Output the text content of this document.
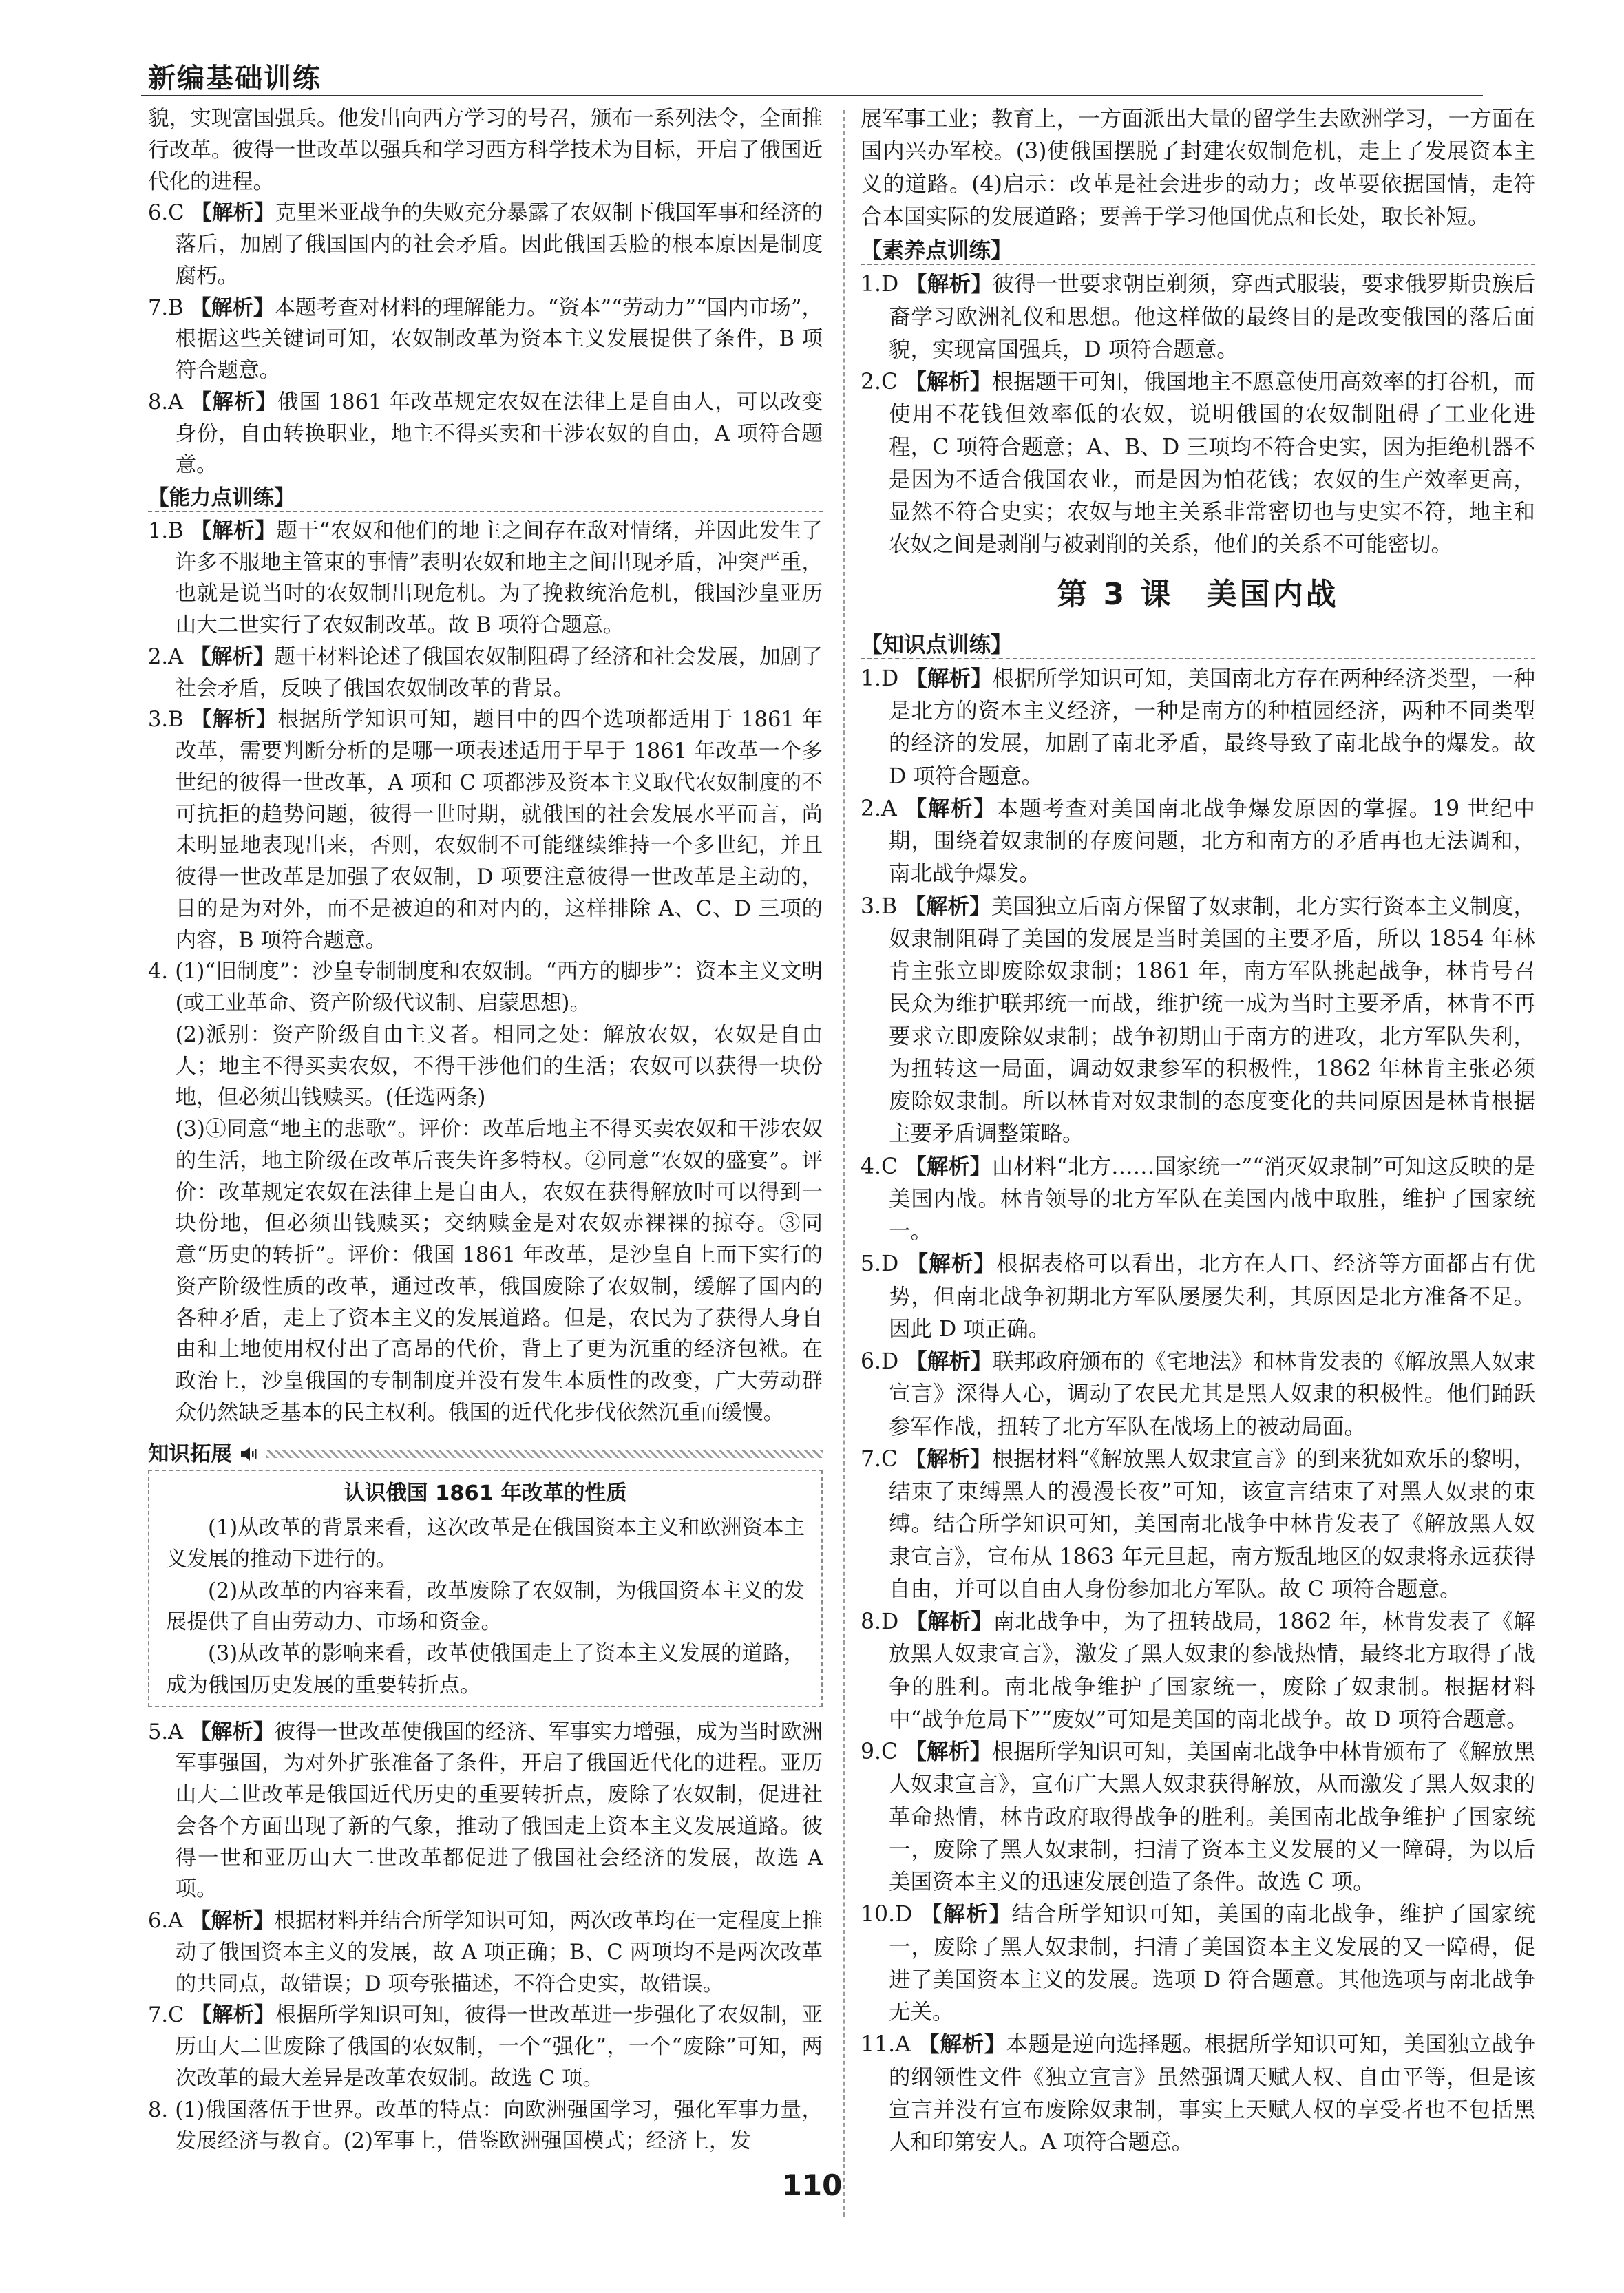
新编基础训练

貌，实现富国强兵。他发出向西方学习的号召，颁布一系列法令，全面推行改革。彼得一世改革以强兵和学习西方科学技术为目标，开启了俄国近代化的进程。

6.C 【解析】克里米亚战争的失败充分暴露了农奴制下俄国军事和经济的落后，加剧了俄国国内的社会矛盾。因此俄国丢脸的根本原因是制度腐朽。

7.B 【解析】本题考查对材料的理解能力。“资本”“劳动力”“国内市场”，根据这些关键词可知，农奴制改革为资本主义发展提供了条件，B 项符合题意。

8.A 【解析】俄国 1861 年改革规定农奴在法律上是自由人，可以改变身份，自由转换职业，地主不得买卖和干涉农奴的自由，A 项符合题意。

【能力点训练】

1.B 【解析】题干“农奴和他们的地主之间存在敌对情绪，并因此发生了许多不服地主管束的事情”表明农奴和地主之间出现矛盾，冲突严重，也就是说当时的农奴制出现危机。为了挽救统治危机，俄国沙皇亚历山大二世实行了农奴制改革。故 B 项符合题意。

2.A 【解析】题干材料论述了俄国农奴制阻碍了经济和社会发展，加剧了社会矛盾，反映了俄国农奴制改革的背景。

3.B 【解析】根据所学知识可知，题目中的四个选项都适用于 1861 年改革，需要判断分析的是哪一项表述适用于早于 1861 年改革一个多世纪的彼得一世改革，A 项和 C 项都涉及资本主义取代农奴制度的不可抗拒的趋势问题，彼得一世时期，就俄国的社会发展水平而言，尚未明显地表现出来，否则，农奴制不可能继续维持一个多世纪，并且彼得一世改革是加强了农奴制，D 项要注意彼得一世改革是主动的，目的是为对外，而不是被迫的和对内的，这样排除 A、C、D 三项的内容，B 项符合题意。

4. (1)“旧制度”：沙皇专制制度和农奴制。“西方的脚步”：资本主义文明(或工业革命、资产阶级代议制、启蒙思想)。

(2)派别：资产阶级自由主义者。相同之处：解放农奴，农奴是自由人；地主不得买卖农奴，不得干涉他们的生活；农奴可以获得一块份地，但必须出钱赎买。(任选两条)

(3)①同意“地主的悲歌”。评价：改革后地主不得买卖农奴和干涉农奴的生活，地主阶级在改革后丧失许多特权。②同意“农奴的盛宴”。评价：改革规定农奴在法律上是自由人，农奴在获得解放时可以得到一块份地，但必须出钱赎买；交纳赎金是对农奴赤裸裸的掠夺。③同意“历史的转折”。评价：俄国 1861 年改革，是沙皇自上而下实行的资产阶级性质的改革，通过改革，俄国废除了农奴制，缓解了国内的各种矛盾，走上了资本主义的发展道路。但是，农民为了获得人身自由和土地使用权付出了高昂的代价，背上了更为沉重的经济包袱。在政治上，沙皇俄国的专制制度并没有发生本质性的改变，广大劳动群众仍然缺乏基本的民主权利。俄国的近代化步伐依然沉重而缓慢。

知识拓展
认识俄国 1861 年改革的性质

(1)从改革的背景来看，这次改革是在俄国资本主义和欧洲资本主义发展的推动下进行的。

(2)从改革的内容来看，改革废除了农奴制，为俄国资本主义的发展提供了自由劳动力、市场和资金。

(3)从改革的影响来看，改革使俄国走上了资本主义发展的道路，成为俄国历史发展的重要转折点。

5.A 【解析】彼得一世改革使俄国的经济、军事实力增强，成为当时欧洲军事强国，为对外扩张准备了条件，开启了俄国近代化的进程。亚历山大二世改革是俄国近代历史的重要转折点，废除了农奴制，促进社会各个方面出现了新的气象，推动了俄国走上资本主义发展道路。彼得一世和亚历山大二世改革都促进了俄国社会经济的发展，故选 A 项。

6.A 【解析】根据材料并结合所学知识可知，两次改革均在一定程度上推动了俄国资本主义的发展，故 A 项正确；B、C 两项均不是两次改革的共同点，故错误；D 项夸张描述，不符合史实，故错误。

7.C 【解析】根据所学知识可知，彼得一世改革进一步强化了农奴制，亚历山大二世废除了俄国的农奴制，一个“强化”，一个“废除”可知，两次改革的最大差异是改革农奴制。故选 C 项。

8. (1)俄国落伍于世界。改革的特点：向欧洲强国学习，强化军事力量，发展经济与教育。(2)军事上，借鉴欧洲强国模式；经济上，发

展军事工业；教育上，一方面派出大量的留学生去欧洲学习，一方面在国内兴办军校。(3)使俄国摆脱了封建农奴制危机，走上了发展资本主义的道路。(4)启示：改革是社会进步的动力；改革要依据国情，走符合本国实际的发展道路；要善于学习他国优点和长处，取长补短。

【素养点训练】

1.D 【解析】彼得一世要求朝臣剃须，穿西式服装，要求俄罗斯贵族后裔学习欧洲礼仪和思想。他这样做的最终目的是改变俄国的落后面貌，实现富国强兵，D 项符合题意。

2.C 【解析】根据题干可知，俄国地主不愿意使用高效率的打谷机，而使用不花钱但效率低的农奴，说明俄国的农奴制阻碍了工业化进程，C 项符合题意；A、B、D 三项均不符合史实，因为拒绝机器不是因为不适合俄国农业，而是因为怕花钱；农奴的生产效率更高，显然不符合史实；农奴与地主关系非常密切也与史实不符，地主和农奴之间是剥削与被剥削的关系，他们的关系不可能密切。

第 3 课　美国内战
【知识点训练】

1.D 【解析】根据所学知识可知，美国南北方存在两种经济类型，一种是北方的资本主义经济，一种是南方的种植园经济，两种不同类型的经济的发展，加剧了南北矛盾，最终导致了南北战争的爆发。故 D 项符合题意。

2.A 【解析】本题考查对美国南北战争爆发原因的掌握。19 世纪中期，围绕着奴隶制的存废问题，北方和南方的矛盾再也无法调和，南北战争爆发。

3.B 【解析】美国独立后南方保留了奴隶制，北方实行资本主义制度，奴隶制阻碍了美国的发展是当时美国的主要矛盾，所以 1854 年林肯主张立即废除奴隶制；1861 年，南方军队挑起战争，林肯号召民众为维护联邦统一而战，维护统一成为当时主要矛盾，林肯不再要求立即废除奴隶制；战争初期由于南方的进攻，北方军队失利，为扭转这一局面，调动奴隶参军的积极性，1862 年林肯主张必须废除奴隶制。所以林肯对奴隶制的态度变化的共同原因是林肯根据主要矛盾调整策略。

4.C 【解析】由材料“北方……国家统一”“消灭奴隶制”可知这反映的是美国内战。林肯领导的北方军队在美国内战中取胜，维护了国家统一。

5.D 【解析】根据表格可以看出，北方在人口、经济等方面都占有优势，但南北战争初期北方军队屡屡失利，其原因是北方准备不足。因此 D 项正确。

6.D 【解析】联邦政府颁布的《宅地法》和林肯发表的《解放黑人奴隶宣言》深得人心，调动了农民尤其是黑人奴隶的积极性。他们踊跃参军作战，扭转了北方军队在战场上的被动局面。

7.C 【解析】根据材料“《解放黑人奴隶宣言》的到来犹如欢乐的黎明，结束了束缚黑人的漫漫长夜”可知，该宣言结束了对黑人奴隶的束缚。结合所学知识可知，美国南北战争中林肯发表了《解放黑人奴隶宣言》，宣布从 1863 年元旦起，南方叛乱地区的奴隶将永远获得自由，并可以自由人身份参加北方军队。故 C 项符合题意。

8.D 【解析】南北战争中，为了扭转战局，1862 年，林肯发表了《解放黑人奴隶宣言》，激发了黑人奴隶的参战热情，最终北方取得了战争的胜利。南北战争维护了国家统一，废除了奴隶制。根据材料中“战争危局下”“废奴”可知是美国的南北战争。故 D 项符合题意。

9.C 【解析】根据所学知识可知，美国南北战争中林肯颁布了《解放黑人奴隶宣言》，宣布广大黑人奴隶获得解放，从而激发了黑人奴隶的革命热情，林肯政府取得战争的胜利。美国南北战争维护了国家统一，废除了黑人奴隶制，扫清了资本主义发展的又一障碍，为以后美国资本主义的迅速发展创造了条件。故选 C 项。

10.D 【解析】结合所学知识可知，美国的南北战争，维护了国家统一，废除了黑人奴隶制，扫清了美国资本主义发展的又一障碍，促进了美国资本主义的发展。选项 D 符合题意。其他选项与南北战争无关。

11.A 【解析】本题是逆向选择题。根据所学知识可知，美国独立战争的纲领性文件《独立宣言》虽然强调天赋人权、自由平等，但是该宣言并没有宣布废除奴隶制，事实上天赋人权的享受者也不包括黑人和印第安人。A 项符合题意。

110
